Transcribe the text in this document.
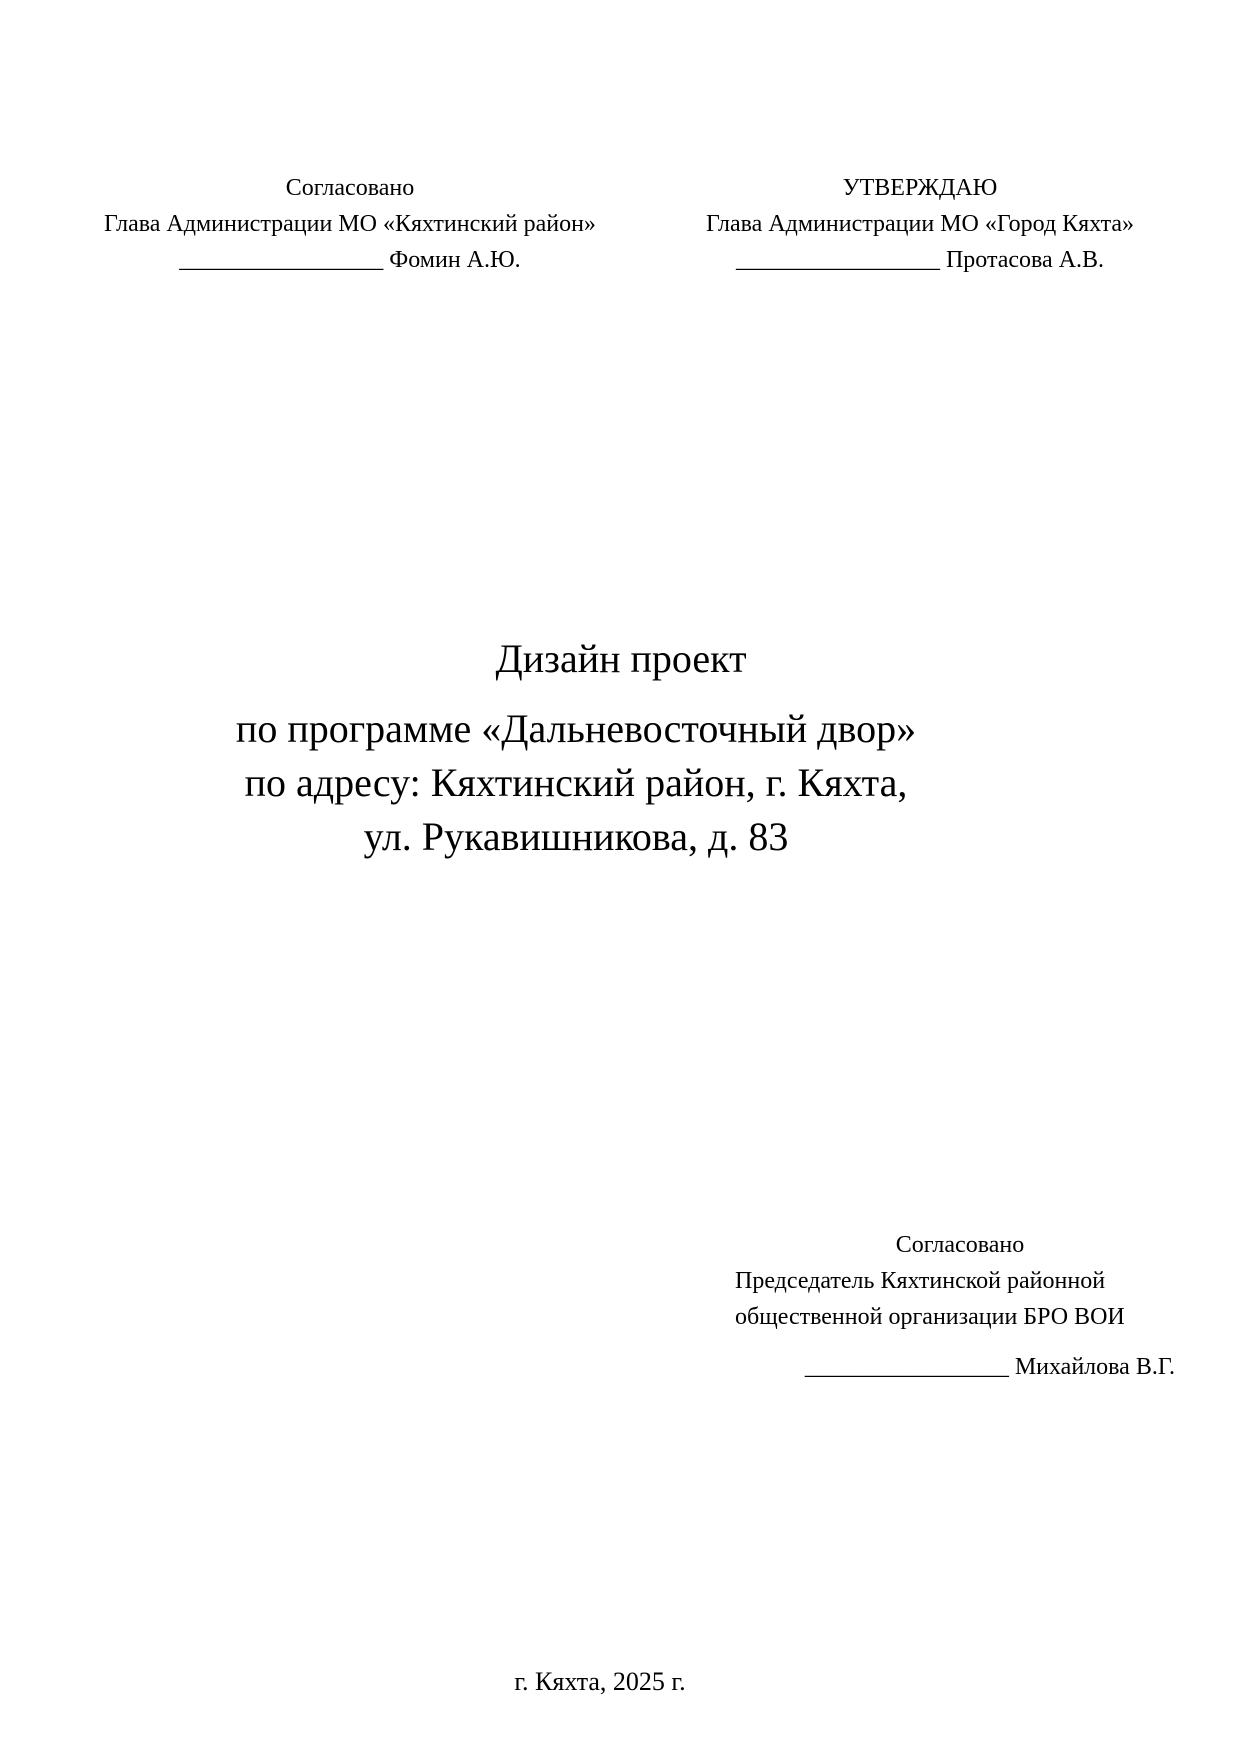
Согласовано
Глава Администрации МО «Кяхтинский район»
_________________ Фомин А.Ю.
УТВЕРЖДАЮ
Глава Администрации МО «Город Кяхта»
_________________ Протасова А.В.
Дизайн проект
по программе «Дальневосточный двор»
по адресу: Кяхтинский район, г. Кяхта,
ул. Рукавишникова, д. 83
Согласовано
Председатель Кяхтинской районной
общественной организации БРО ВОИ
_________________ Михайлова В.Г.
г. Кяхта, 2025 г.
